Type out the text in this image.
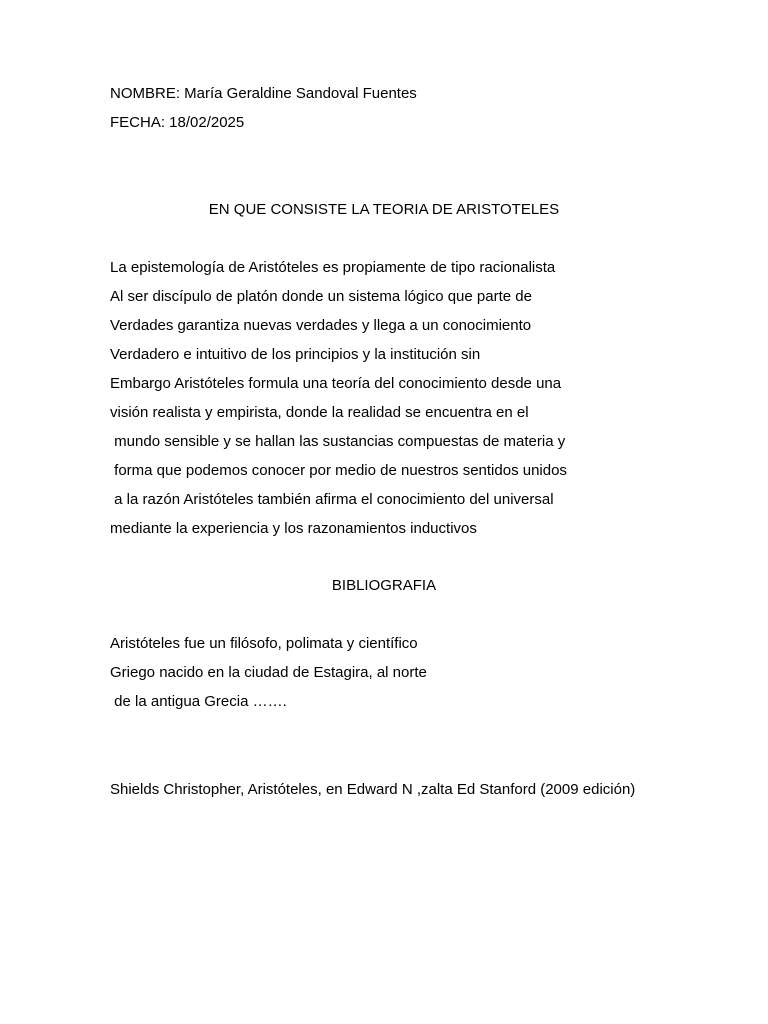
NOMBRE: María Geraldine Sandoval Fuentes
FECHA: 18/02/2025
EN QUE CONSISTE LA TEORIA DE ARISTOTELES
La epistemología de Aristóteles es propiamente de tipo racionalista
Al ser discípulo de platón donde un sistema lógico que parte de
Verdades garantiza nuevas verdades y llega a un conocimiento
Verdadero e intuitivo de los principios y la institución sin
Embargo Aristóteles formula una teoría del conocimiento desde una
visión realista y empirista, donde la realidad se encuentra en el
mundo sensible y se hallan las sustancias compuestas de materia y
forma que podemos conocer por medio de nuestros sentidos unidos
a la razón Aristóteles también afirma el conocimiento del universal
mediante la experiencia y los razonamientos inductivos
BIBLIOGRAFIA
Aristóteles fue un filósofo, polimata y científico
Griego nacido en la ciudad de Estagira, al norte
de la antigua Grecia …….
Shields Christopher, Aristóteles, en Edward N ,zalta Ed Stanford (2009 edición)
